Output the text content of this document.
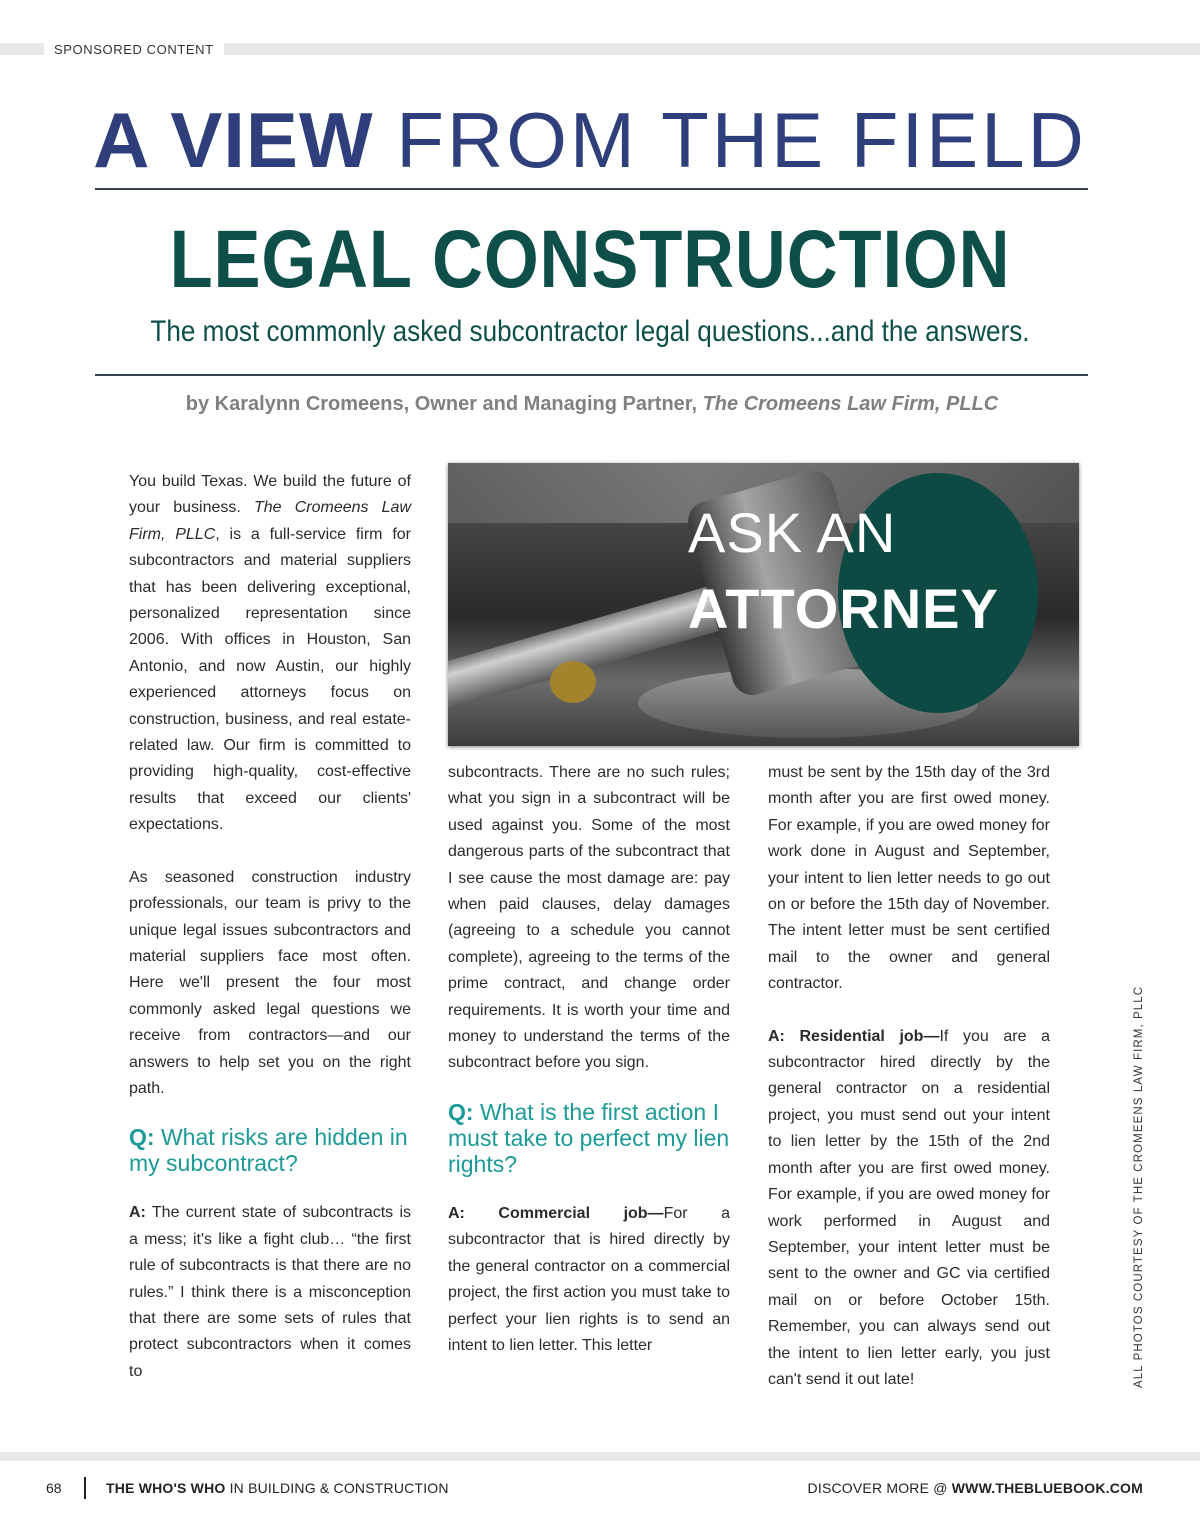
SPONSORED CONTENT
A VIEW FROM THE FIELD
LEGAL CONSTRUCTION
The most commonly asked subcontractor legal questions...and the answers.
by Karalynn Cromeens, Owner and Managing Partner, The Cromeens Law Firm, PLLC

You build Texas. We build the future of your business. The Cromeens Law Firm, PLLC, is a full-service firm for subcontractors and material suppliers that has been delivering exceptional, personalized representation since 2006. With offices in Houston, San Antonio, and now Austin, our highly experienced attorneys focus on construction, business, and real estate-related law. Our firm is committed to providing high-quality, cost-effective results that exceed our clients' expectations.

As seasoned construction industry professionals, our team is privy to the unique legal issues subcontractors and material suppliers face most often. Here we'll present the four most commonly asked legal questions we receive from contractors—and our answers to help set you on the right path.

Q: What risks are hidden in my subcontract?

A: The current state of subcontracts is a mess; it's like a fight club… “the first rule of subcontracts is that there are no rules.” I think there is a misconception that there are some sets of rules that protect subcontractors when it comes to

ASK AN
ATTORNEY

subcontracts. There are no such rules; what you sign in a subcontract will be used against you. Some of the most dangerous parts of the subcontract that I see cause the most damage are: pay when paid clauses, delay damages (agreeing to a schedule you cannot complete), agreeing to the terms of the prime contract, and change order requirements. It is worth your time and money to understand the terms of the subcontract before you sign.

Q: What is the first action I must take to perfect my lien rights?

A: Commercial job—For a subcontractor that is hired directly by the general contractor on a commercial project, the first action you must take to perfect your lien rights is to send an intent to lien letter. This letter

must be sent by the 15th day of the 3rd month after you are first owed money. For example, if you are owed money for work done in August and September, your intent to lien letter needs to go out on or before the 15th day of November. The intent letter must be sent certified mail to the owner and general contractor.

A: Residential job—If you are a subcontractor hired directly by the general contractor on a residential project, you must send out your intent to lien letter by the 15th of the 2nd month after you are first owed money. For example, if you are owed money for work performed in August and September, your intent letter must be sent to the owner and GC via certified mail on or before October 15th. Remember, you can always send out the intent to lien letter early, you just can't send it out late!	ALL PHOTOS COURTESY OF THE CROMEENS LAW FIRM, PLLC
68	THE WHO'S WHO IN BUILDING & CONSTRUCTION	DISCOVER MORE @ WWW.THEBLUEBOOK.COM
